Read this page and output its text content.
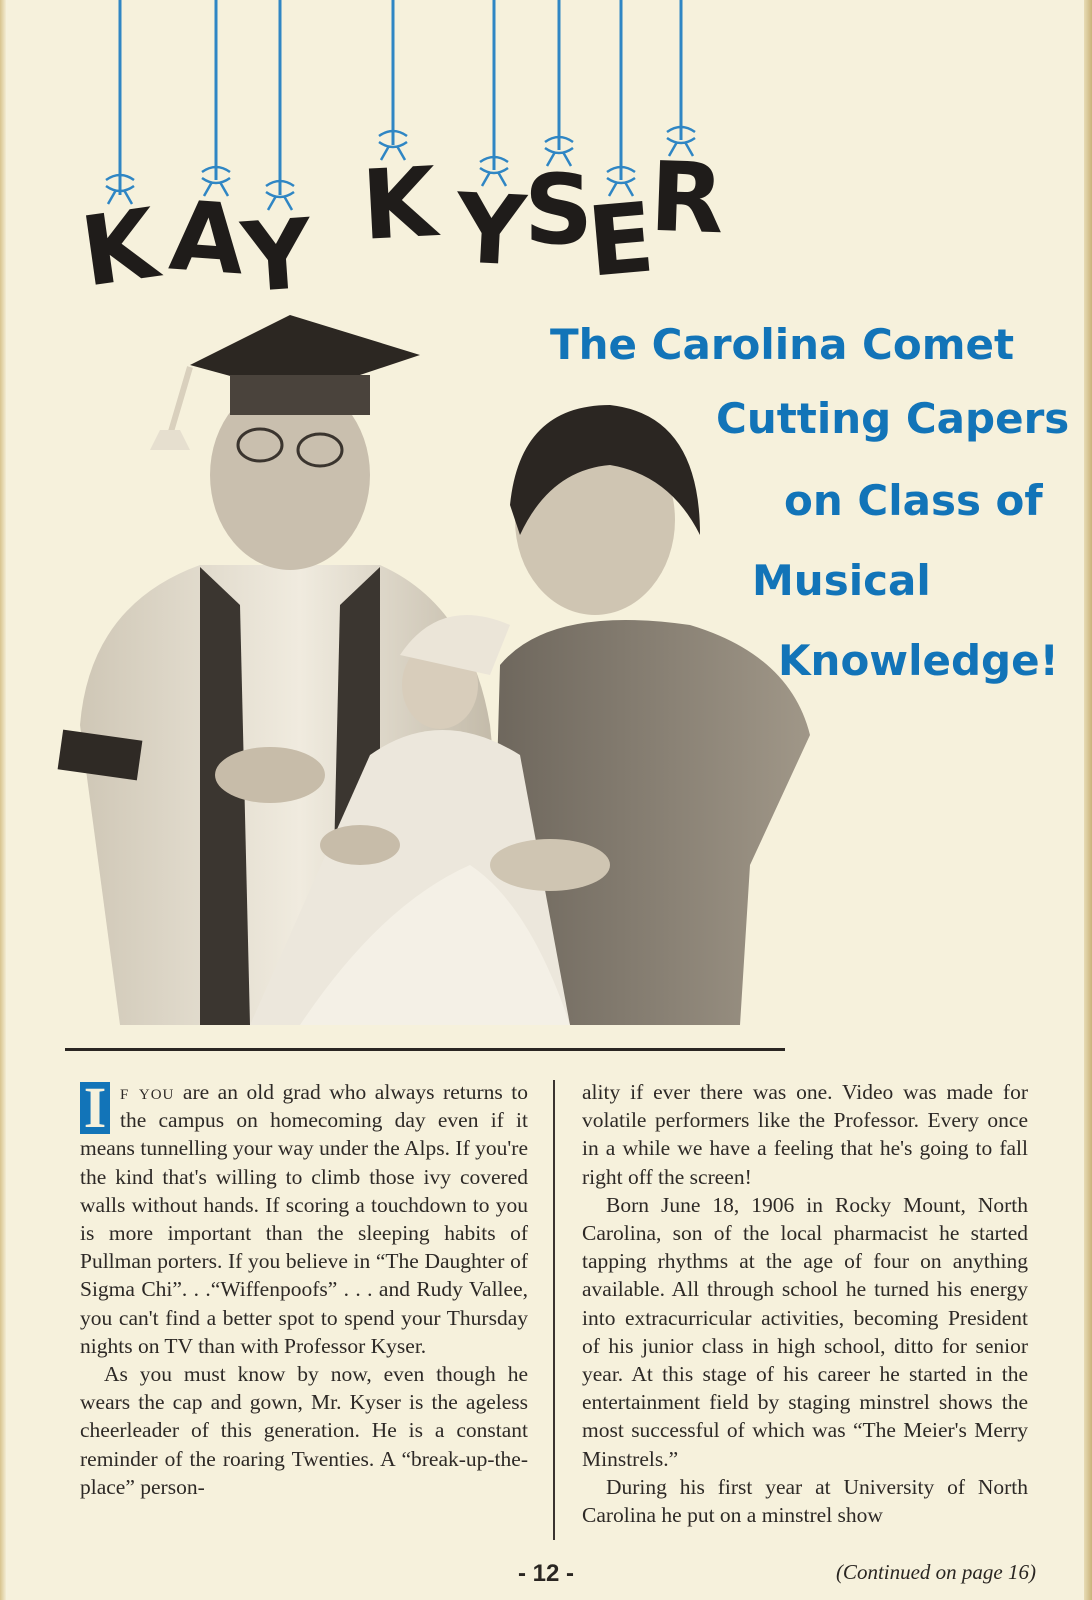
K A
Y K Y
S
E
R
The Carolina Comet
Cutting Capers
on Class of
Musical
Knowledge!

I f you are an old grad who always returns to the campus on homecoming day even if it means tunnelling your way under the Alps. If you're the kind that's willing to climb those ivy covered walls without hands. If scoring a touchdown to you is more important than the sleeping habits of Pullman porters. If you believe in “The Daughter of Sigma Chi”. . .“Wiffenpoofs” . . . and Rudy Vallee, you can't find a better spot to spend your Thursday nights on TV than with Professor Kyser.

As you must know by now, even though he wears the cap and gown, Mr. Kyser is the ageless cheerleader of this generation. He is a constant reminder of the roaring Twenties. A “break-up-the-place” person-

ality if ever there was one. Video was made for volatile performers like the Professor. Every once in a while we have a feeling that he's going to fall right off the screen!

Born June 18, 1906 in Rocky Mount, North Carolina, son of the local pharmacist he started tapping rhythms at the age of four on anything available. All through school he turned his energy into extracurricular activities, becoming President of his junior class in high school, ditto for senior year. At this stage of his career he started in the entertainment field by staging minstrel shows the most successful of which was “The Meier's Merry Minstrels.”

During his first year at University of North Carolina he put on a minstrel show

- 12 -	(Continued on page 16)
